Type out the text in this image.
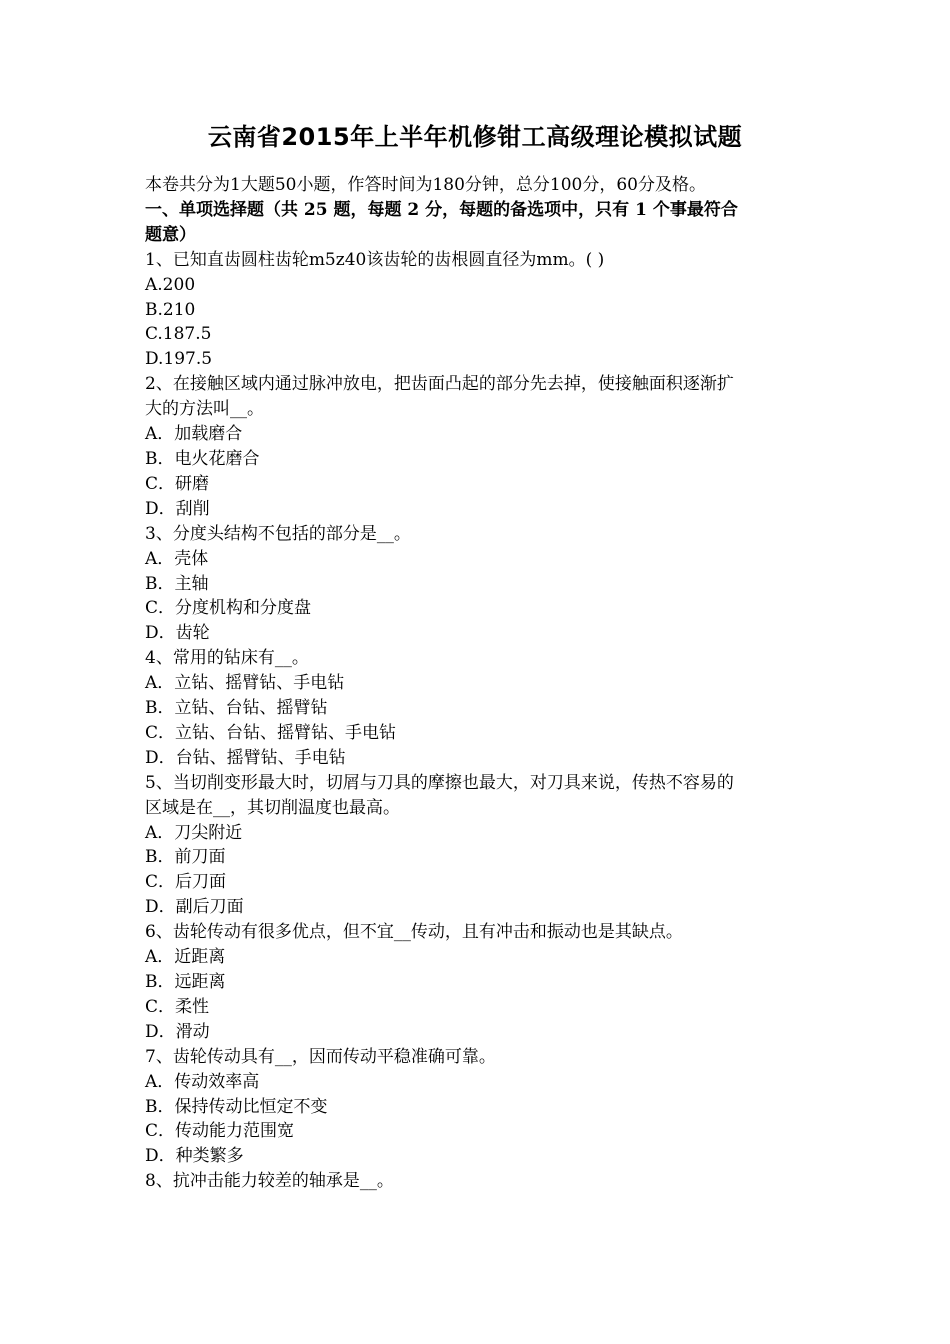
云南省2015年上半年机修钳工高级理论模拟试题
本卷共分为1大题50小题，作答时间为180分钟，总分100分，60分及格。
一、单项选择题（共 25 题，每题 2 分，每题的备选项中，只有 1 个事最符合
题意）
1、已知直齿圆柱齿轮m5z40该齿轮的齿根圆直径为mm。( )
A.200
B.210
C.187.5
D.197.5
2、在接触区域内通过脉冲放电，把齿面凸起的部分先去掉，使接触面积逐渐扩
大的方法叫__。
A．加载磨合
B．电火花磨合
C．研磨
D．刮削
3、分度头结构不包括的部分是__。
A．壳体
B．主轴
C．分度机构和分度盘
D．齿轮
4、常用的钻床有__。
A．立钻、摇臂钻、手电钻
B．立钻、台钻、摇臂钻
C．立钻、台钻、摇臂钻、手电钻
D．台钻、摇臂钻、手电钻
5、当切削变形最大时，切屑与刀具的摩擦也最大，对刀具来说，传热不容易的
区域是在__，其切削温度也最高。
A．刀尖附近
B．前刀面
C．后刀面
D．副后刀面
6、齿轮传动有很多优点，但不宜__传动，且有冲击和振动也是其缺点。
A．近距离
B．远距离
C．柔性
D．滑动
7、齿轮传动具有__，因而传动平稳准确可靠。
A．传动效率高
B．保持传动比恒定不变
C．传动能力范围宽
D．种类繁多
8、抗冲击能力较差的轴承是__。
